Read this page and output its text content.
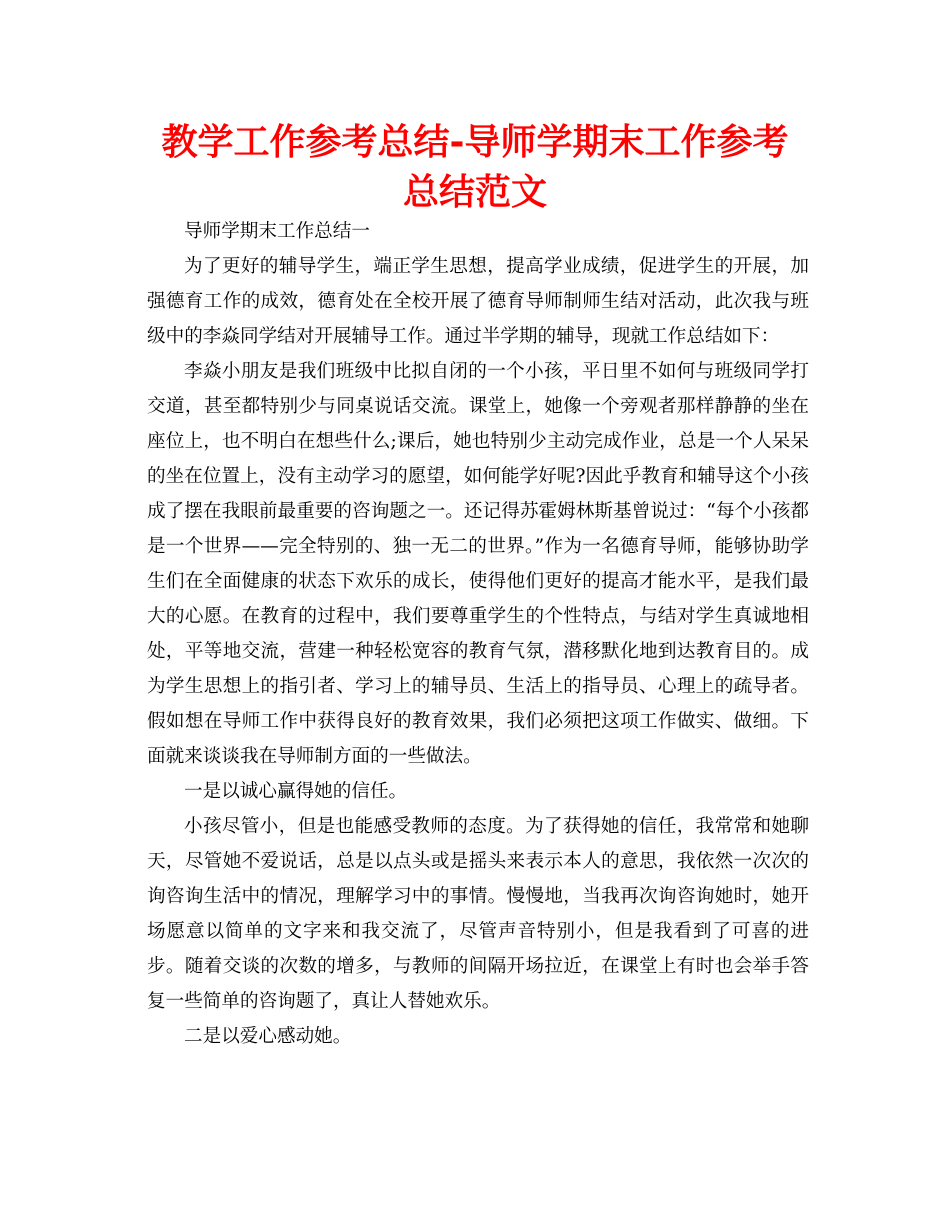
教学工作参考总结-导师学期末工作参考总结范文

导师学期末工作总结一

为了更好的辅导学生，端正学生思想，提高学业成绩，促进学生的开展，加强德育工作的成效，德育处在全校开展了德育导师制师生结对活动，此次我与班级中的李焱同学结对开展辅导工作。通过半学期的辅导，现就工作总结如下：

李焱小朋友是我们班级中比拟自闭的一个小孩，平日里不如何与班级同学打交道，甚至都特别少与同桌说话交流。课堂上，她像一个旁观者那样静静的坐在座位上，也不明白在想些什么;课后，她也特别少主动完成作业，总是一个人呆呆的坐在位置上，没有主动学习的愿望，如何能学好呢?因此乎教育和辅导这个小孩成了摆在我眼前最重要的咨询题之一。还记得苏霍姆林斯基曾说过：“每个小孩都是一个世界——完全特别的、独一无二的世界。”作为一名德育导师，能够协助学生们在全面健康的状态下欢乐的成长，使得他们更好的提高才能水平，是我们最大的心愿。在教育的过程中，我们要尊重学生的个性特点，与结对学生真诚地相处，平等地交流，营建一种轻松宽容的教育气氛，潜移默化地到达教育目的。成为学生思想上的指引者、学习上的辅导员、生活上的指导员、心理上的疏导者。假如想在导师工作中获得良好的教育效果，我们必须把这项工作做实、做细。下面就来谈谈我在导师制方面的一些做法。

一是以诚心赢得她的信任。

小孩尽管小，但是也能感受教师的态度。为了获得她的信任，我常常和她聊天，尽管她不爱说话，总是以点头或是摇头来表示本人的意思，我依然一次次的询咨询生活中的情况，理解学习中的事情。慢慢地，当我再次询咨询她时，她开场愿意以简单的文字来和我交流了，尽管声音特别小，但是我看到了可喜的进步。随着交谈的次数的增多，与教师的间隔开场拉近，在课堂上有时也会举手答复一些简单的咨询题了，真让人替她欢乐。

二是以爱心感动她。
